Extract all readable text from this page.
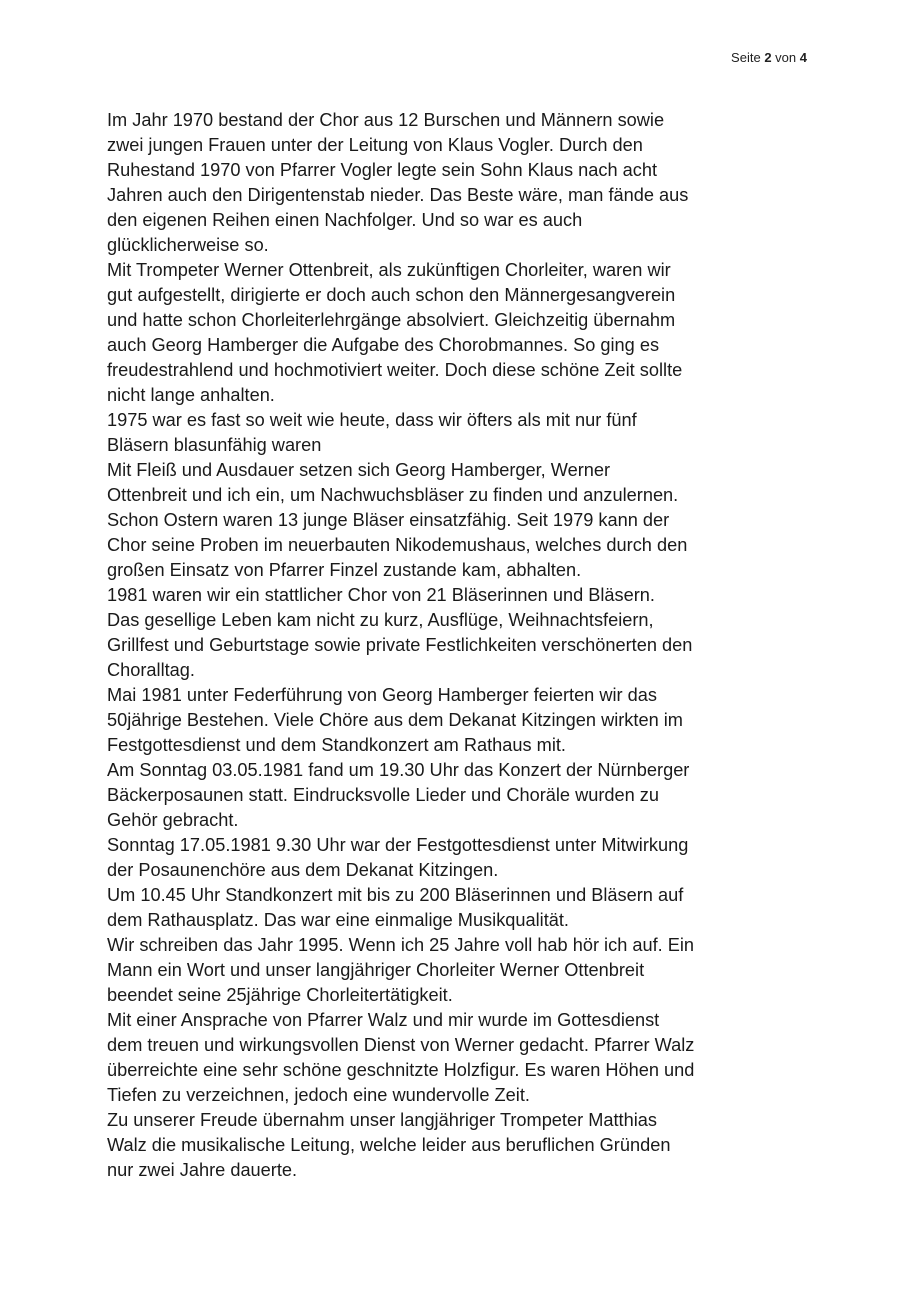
Seite 2 von 4

Im Jahr 1970 bestand der Chor aus 12 Burschen und Männern sowie

zwei jungen Frauen unter der Leitung von Klaus Vogler. Durch den

Ruhestand 1970 von Pfarrer Vogler legte sein Sohn Klaus nach acht

Jahren auch den Dirigentenstab nieder. Das Beste wäre, man fände aus

den eigenen Reihen einen Nachfolger. Und so war es auch

glücklicherweise so.

Mit Trompeter Werner Ottenbreit, als zukünftigen Chorleiter, waren wir

gut aufgestellt, dirigierte er doch auch schon den Männergesangverein

und hatte schon Chorleiterlehrgänge absolviert. Gleichzeitig übernahm

auch Georg Hamberger die Aufgabe des Chorobmannes. So ging es

freudestrahlend und hochmotiviert weiter. Doch diese schöne Zeit sollte

nicht lange anhalten.

1975 war es fast so weit wie heute, dass wir öfters als mit nur fünf

Bläsern blasunfähig waren

Mit Fleiß und Ausdauer setzen sich Georg Hamberger, Werner

Ottenbreit und ich ein, um Nachwuchsbläser zu finden und anzulernen.

Schon Ostern waren 13 junge Bläser einsatzfähig. Seit 1979 kann der

Chor seine Proben im neuerbauten Nikodemushaus, welches durch den

großen Einsatz von Pfarrer Finzel zustande kam, abhalten.

1981 waren wir ein stattlicher Chor von 21 Bläserinnen und Bläsern.

Das gesellige Leben kam nicht zu kurz, Ausflüge, Weihnachtsfeiern,

Grillfest und Geburtstage sowie private Festlichkeiten verschönerten den

Choralltag.

Mai 1981 unter Federführung von Georg Hamberger feierten wir das

50jährige Bestehen. Viele Chöre aus dem Dekanat Kitzingen wirkten im

Festgottesdienst und dem Standkonzert am Rathaus mit.

Am Sonntag 03.05.1981 fand um 19.30 Uhr das Konzert der Nürnberger

Bäckerposaunen statt. Eindrucksvolle Lieder und Choräle wurden zu

Gehör gebracht.

Sonntag 17.05.1981 9.30 Uhr war der Festgottesdienst unter Mitwirkung

der Posaunenchöre aus dem Dekanat Kitzingen.

Um 10.45 Uhr Standkonzert mit bis zu 200 Bläserinnen und Bläsern auf

dem Rathausplatz. Das war eine einmalige Musikqualität.

Wir schreiben das Jahr 1995. Wenn ich 25 Jahre voll hab hör ich auf. Ein

Mann ein Wort und unser langjähriger Chorleiter Werner Ottenbreit

beendet seine 25jährige Chorleitertätigkeit.

Mit einer Ansprache von Pfarrer Walz und mir wurde im Gottesdienst

dem treuen und wirkungsvollen Dienst von Werner gedacht. Pfarrer Walz

überreichte eine sehr schöne geschnitzte Holzfigur. Es waren Höhen und

Tiefen zu verzeichnen, jedoch eine wundervolle Zeit.

Zu unserer Freude übernahm unser langjähriger Trompeter Matthias

Walz die musikalische Leitung, welche leider aus beruflichen Gründen

nur zwei Jahre dauerte.
